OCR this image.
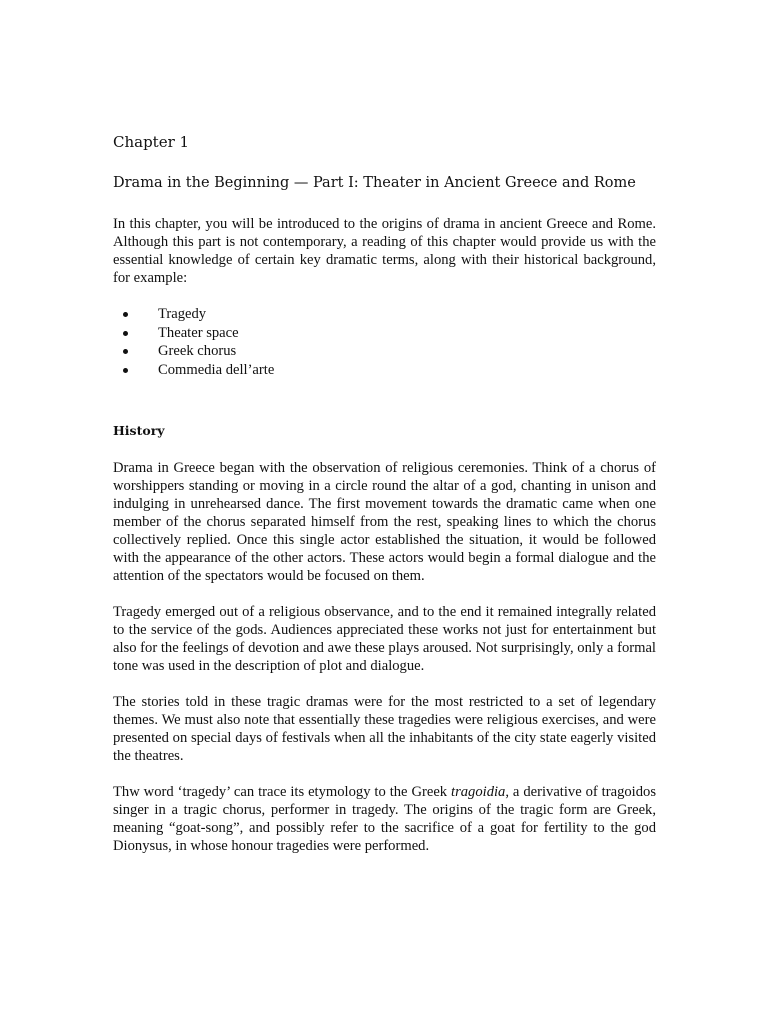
Chapter 1
Drama in the Beginning — Part I: Theater in Ancient Greece and Rome

In this chapter, you will be introduced to the origins of drama in ancient Greece and Rome. Although this part is not contemporary, a reading of this chapter would provide us with the essential knowledge of certain key dramatic terms, along with their historical background, for example:

Tragedy
Theater space
Greek chorus
Commedia dell’arte
History

Drama in Greece began with the observation of religious ceremonies. Think of a chorus of worshippers standing or moving in a circle round the altar of a god, chanting in unison and indulging in unrehearsed dance. The first movement towards the dramatic came when one member of the chorus separated himself from the rest, speaking lines to which the chorus collectively replied. Once this single actor established the situation, it would be followed with the appearance of the other actors. These actors would begin a formal dialogue and the attention of the spectators would be focused on them.

Tragedy emerged out of a religious observance, and to the end it remained integrally related to the service of the gods. Audiences appreciated these works not just for entertainment but also for the feelings of devotion and awe these plays aroused. Not surprisingly, only a formal tone was used in the description of plot and dialogue.

The stories told in these tragic dramas were for the most restricted to a set of legendary themes. We must also note that essentially these tragedies were religious exercises, and were presented on special days of festivals when all the inhabitants of the city state eagerly visited the theatres.

Thw word ‘tragedy’ can trace its etymology to the Greek tragoidia, a derivative of tragoidos singer in a tragic chorus, performer in tragedy. The origins of the tragic form are Greek, meaning “goat-song”, and possibly refer to the sacrifice of a goat for fertility to the god Dionysus, in whose honour tragedies were performed.
